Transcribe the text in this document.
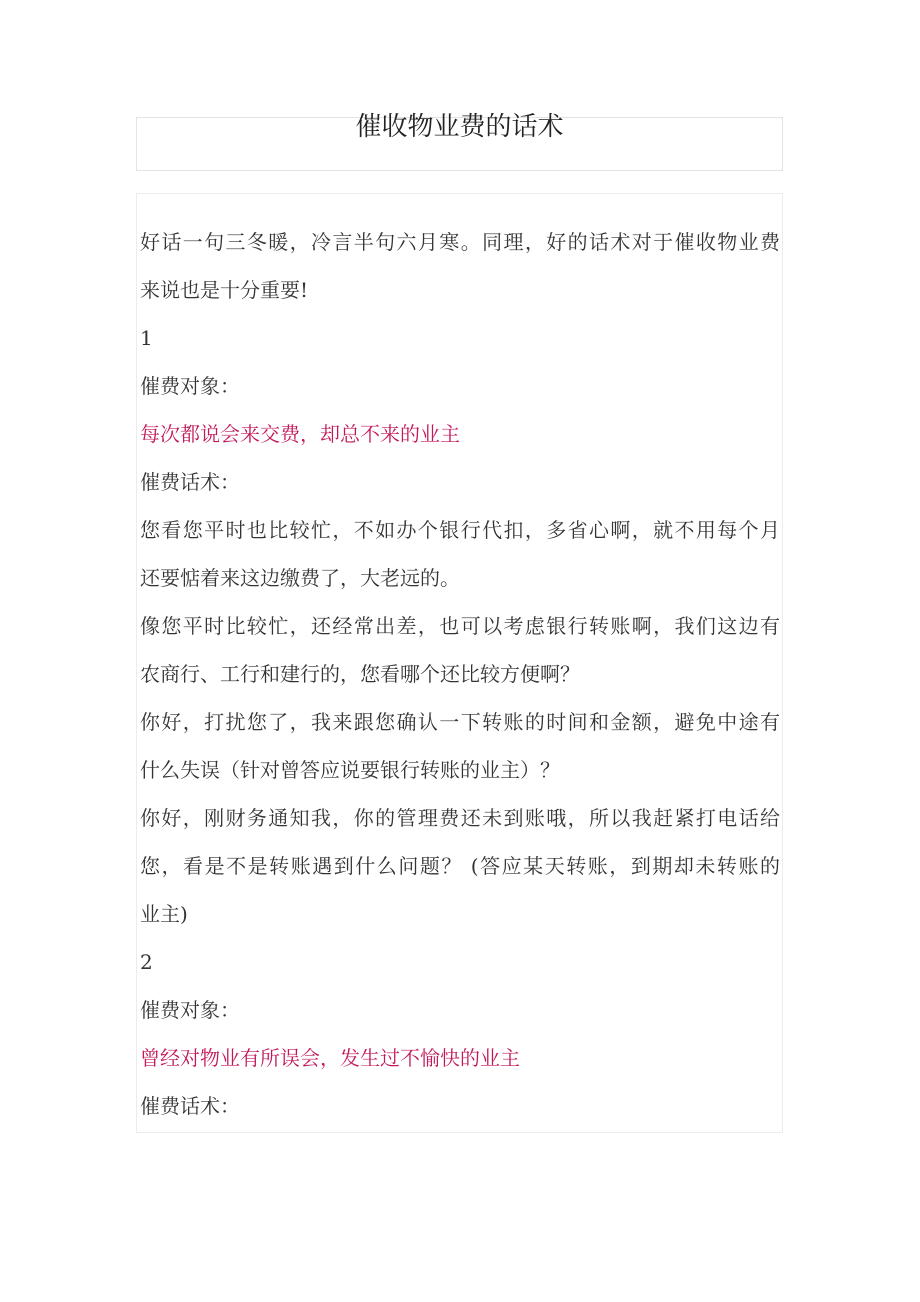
催收物业费的话术

好话一句三冬暖，冷言半句六月寒。同理，好的话术对于催收物业费

来说也是十分重要!

1

催费对象：

每次都说会来交费，却总不来的业主

催费话术：

您看您平时也比较忙，不如办个银行代扣，多省心啊，就不用每个月

还要惦着来这边缴费了，大老远的。

像您平时比较忙，还经常出差，也可以考虑银行转账啊，我们这边有

农商行、工行和建行的，您看哪个还比较方便啊？

你好，打扰您了，我来跟您确认一下转账的时间和金额，避免中途有

什么失误（针对曾答应说要银行转账的业主）？

你好，刚财务通知我，你的管理费还未到账哦，所以我赶紧打电话给

您，看是不是转账遇到什么问题？ (答应某天转账，到期却未转账的

业主)

2

催费对象：

曾经对物业有所误会，发生过不愉快的业主

催费话术：
